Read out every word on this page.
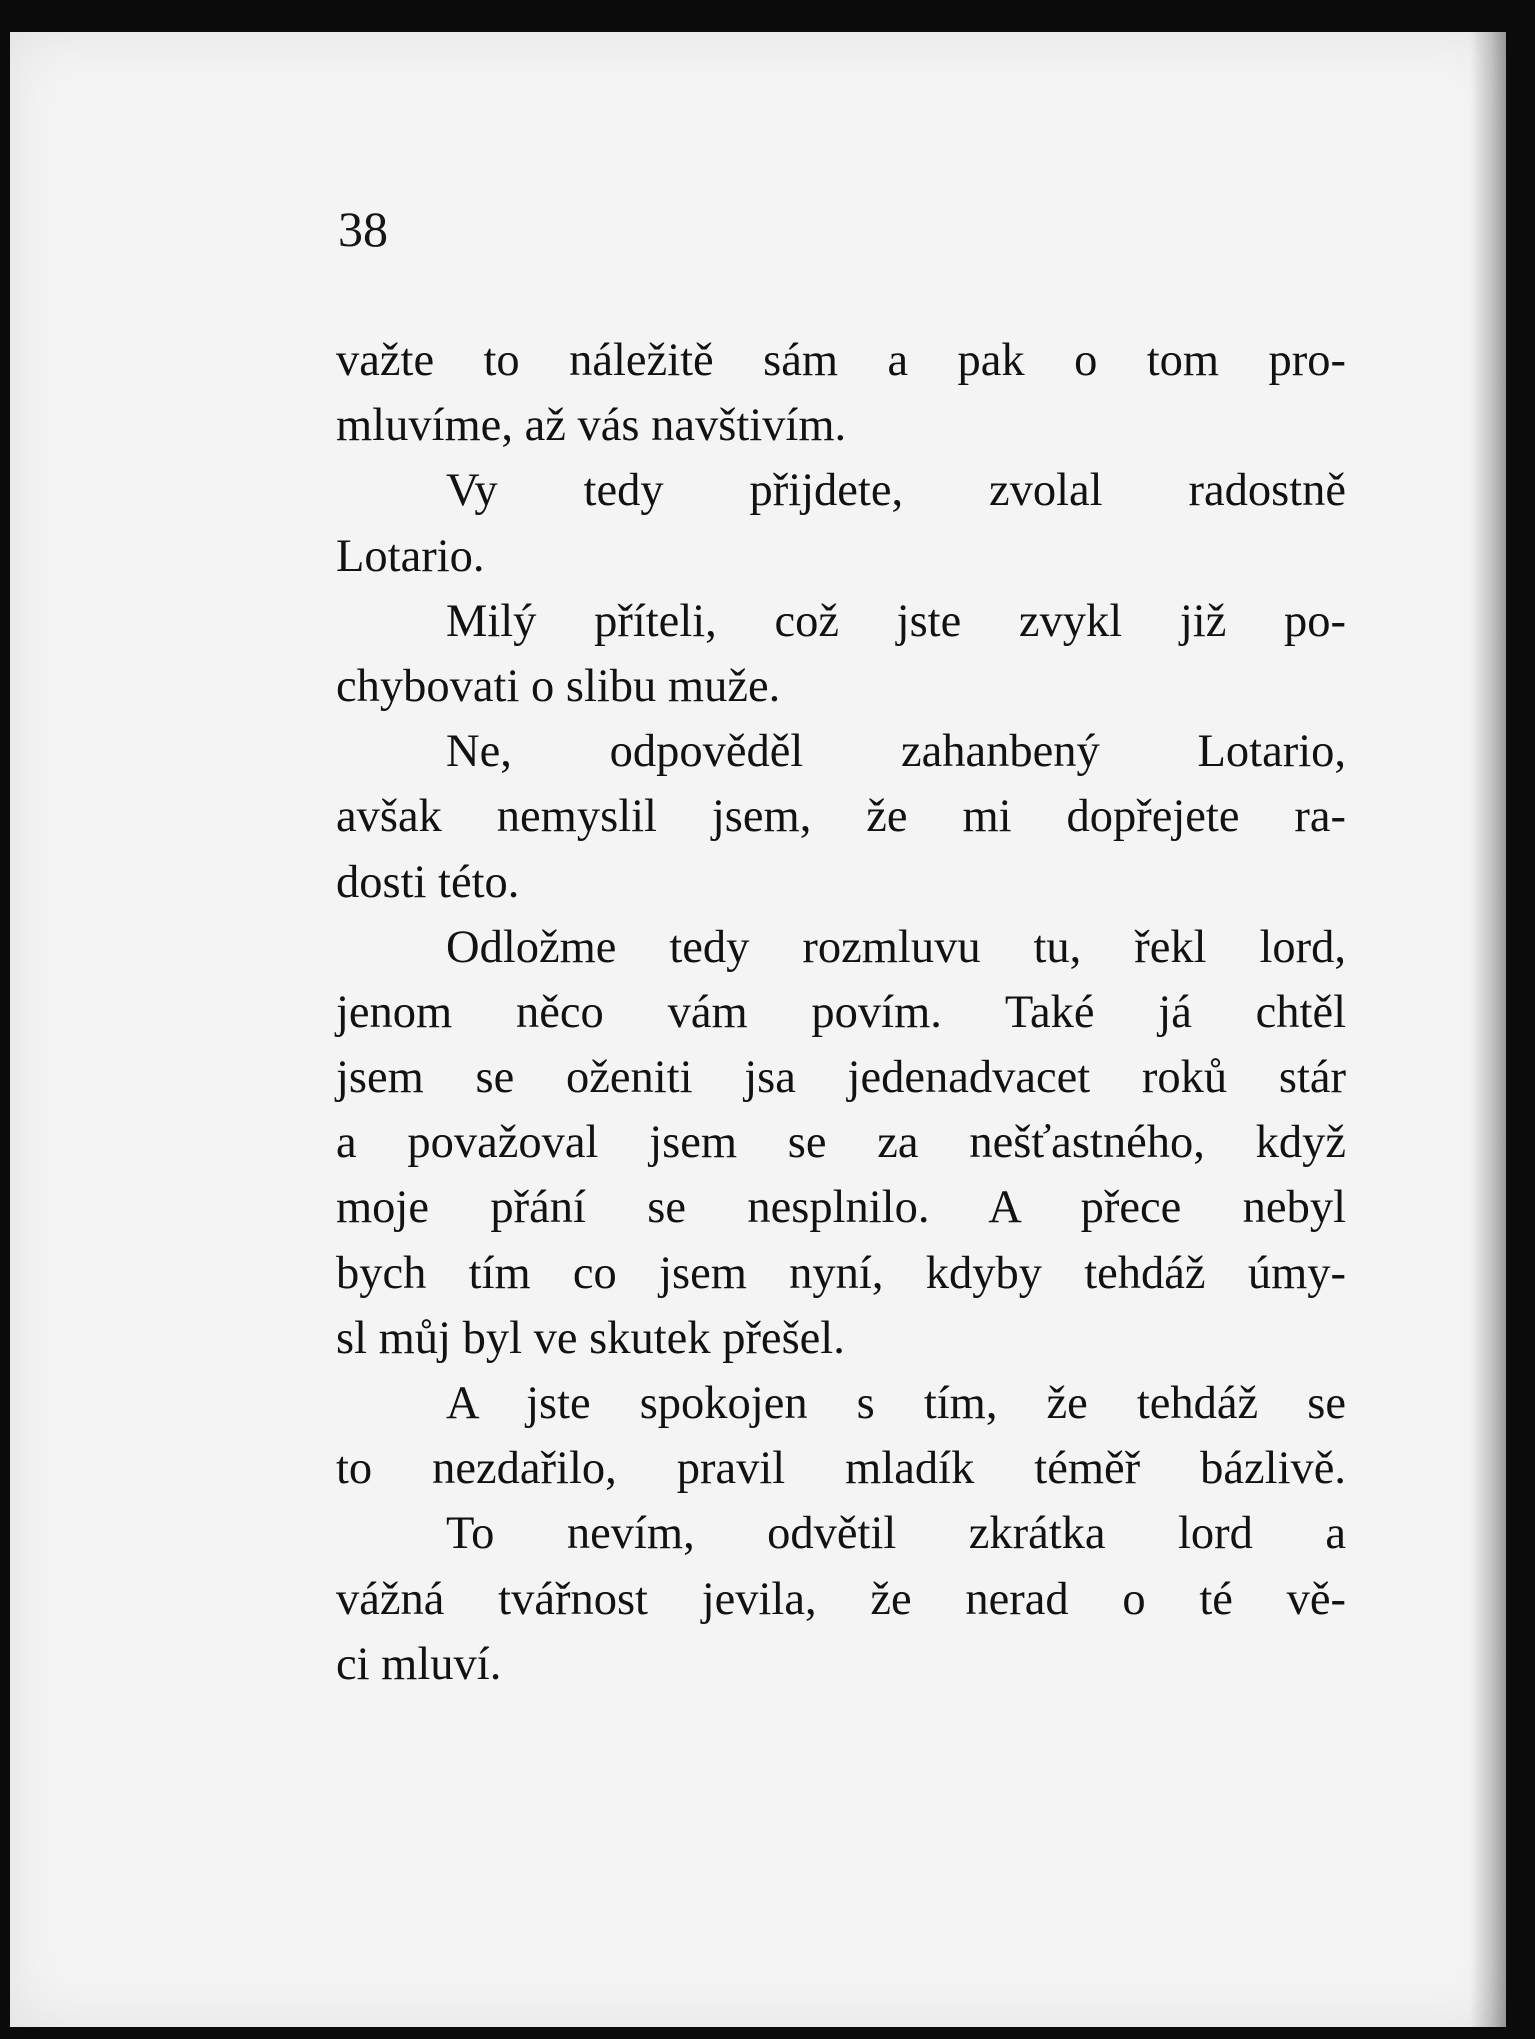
38
važte to náležitě sám a pak o tom pro-
mluvíme, až vás navštivím.
Vy tedy přijdete, zvolal radostně
Lotario.
Milý příteli, což jste zvykl již po-
chybovati o slibu muže.
Ne, odpověděl zahanbený Lotario,
avšak nemyslil jsem, že mi dopřejete ra-
dosti této.
Odložme tedy rozmluvu tu, řekl lord,
jenom něco vám povím. Také já chtěl
jsem se oženiti jsa jedenadvacet roků stár
a považoval jsem se za nešťastného, když
moje přání se nesplnilo. A přece nebyl
bych tím co jsem nyní, kdyby tehdáž úmy-
sl můj byl ve skutek přešel.
A jste spokojen s tím, že tehdáž se
to nezdařilo, pravil mladík téměř bázlivě.
To nevím, odvětil zkrátka lord a
vážná tvářnost jevila, že nerad o té vě-
ci mluví.
